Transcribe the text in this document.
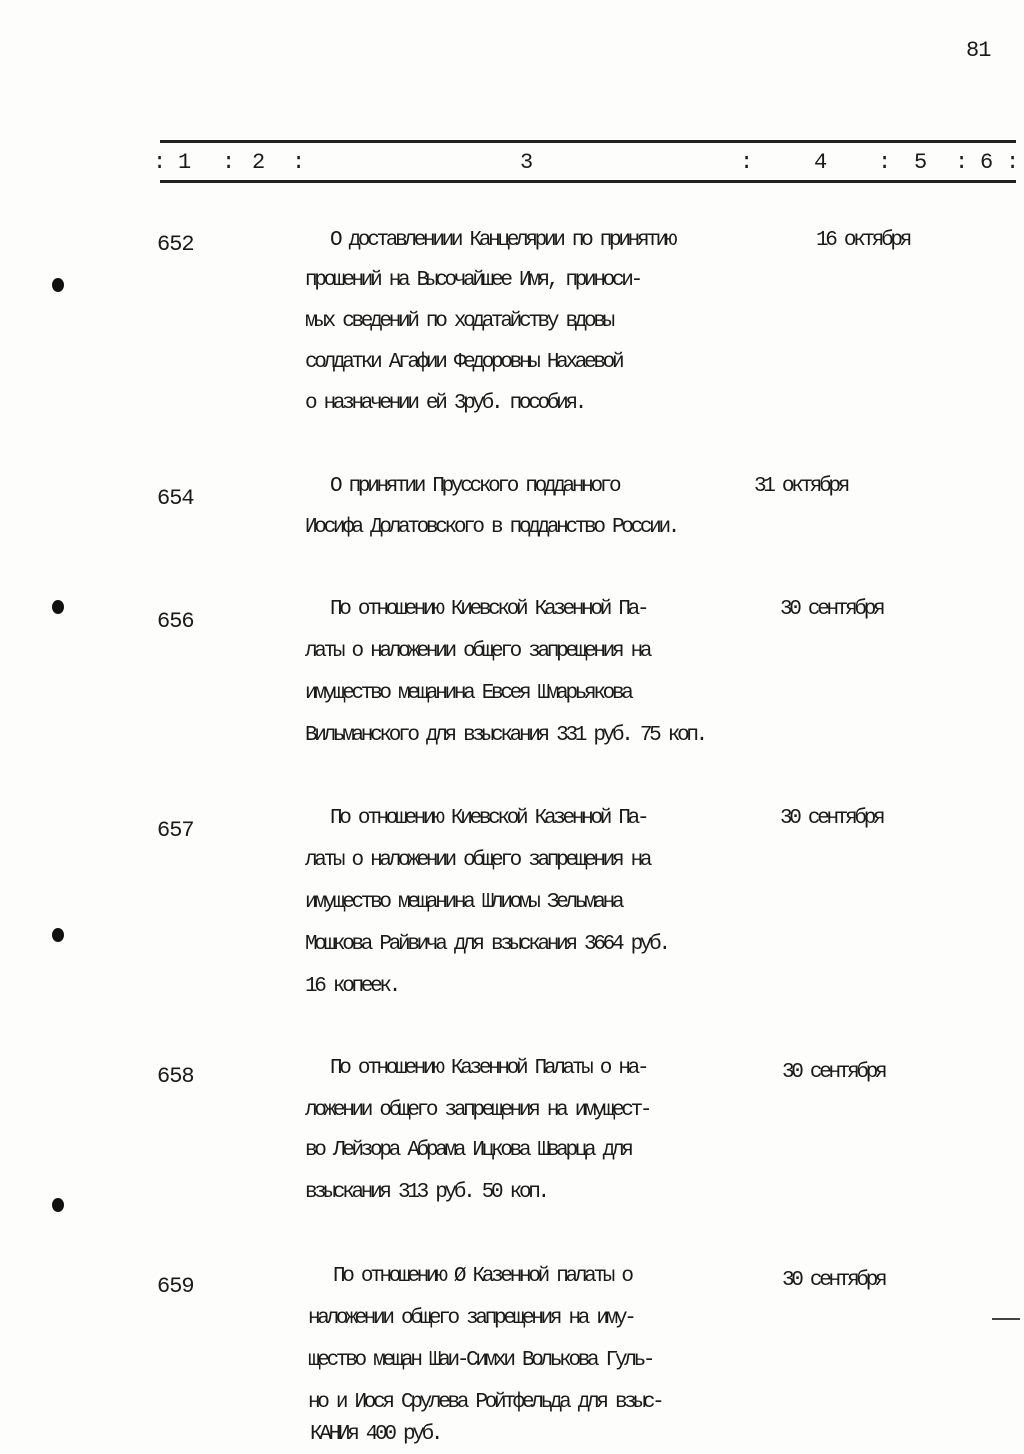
81
: 1 : 2 :	3	:	4 : 5 : 6 :
652	О доставлениии Канцелярии по принятию	16 октября
прошений на Высочайшее Имя, приноси-
мых сведений по ходатайству вдовы
солдатки Агафии Федоровны Нахаевой
о назначении ей 3руб. пособия.
654	О принятии Прусского подданного	31 октября
Иосифа Долатовского в подданство России.
656	По отношению Киевской Казенной Па-	30 сентября
латы о наложении общего запрещения на
имущество мещанина Евсея Шмарьякова
Вильманского для взыскания 331 руб. 75 коп.
657	По отношению Киевской Казенной Па-	30 сентября
латы о наложении общего запрещения на
имущество мещанина Шлиомы Зельмана
Мошкова Райвича для взыскания 3664 руб.
16 копеек.
658	По отношению Казенной Палаты о на-	30 сентября
ложении общего запрещения на имущест-
во Лейзора Абрама Ицкова Шварца для
взыскания 313 руб. 50 коп.
659	По отношению Ø Казенной палаты о	30 сентября
наложении общего запрещения на иму-
щество мещан Шаи-Симхи Волькова Гуль-
но и Иося Срулева Ройтфельда для взыс-
КАНИя 400 руб.
